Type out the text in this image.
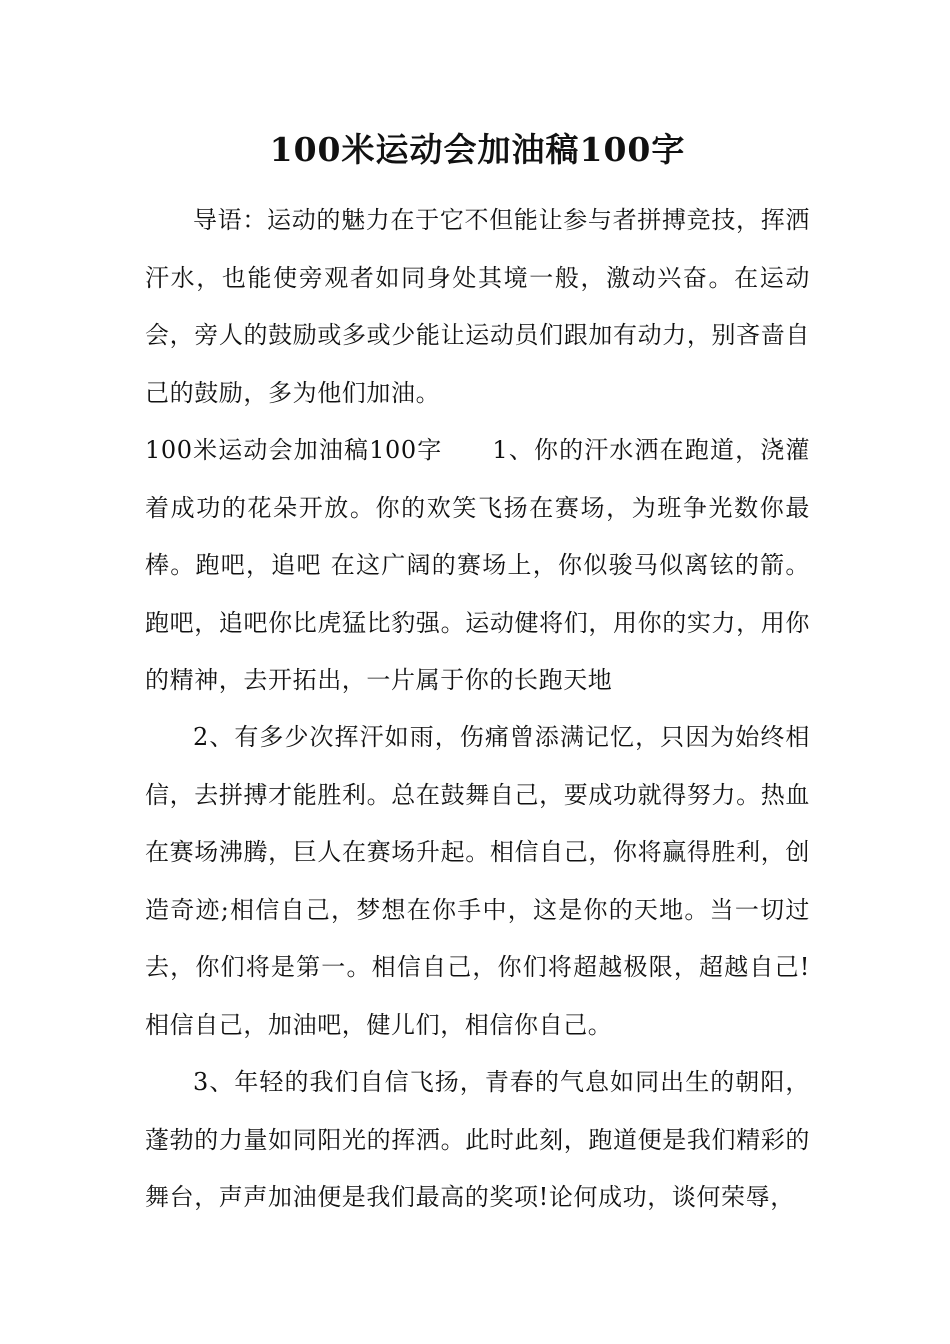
100米运动会加油稿100字

导语：运动的魅力在于它不但能让参与者拼搏竞技，挥洒汗水，也能使旁观者如同身处其境一般，激动兴奋。在运动会，旁人的鼓励或多或少能让运动员们跟加有动力，别吝啬自己的鼓励，多为他们加油。

100米运动会加油稿100字 1、你的汗水洒在跑道，浇灌着成功的花朵开放。你的欢笑飞扬在赛场，为班争光数你最棒。跑吧，追吧 在这广阔的赛场上，你似骏马似离铉的箭。跑吧，追吧你比虎猛比豹强。运动健将们，用你的实力，用你的精神，去开拓出，一片属于你的长跑天地

2、有多少次挥汗如雨，伤痛曾添满记忆，只因为始终相信，去拼搏才能胜利。总在鼓舞自己，要成功就得努力。热血在赛场沸腾，巨人在赛场升起。相信自己，你将赢得胜利，创造奇迹;相信自己，梦想在你手中，这是你的天地。当一切过去，你们将是第一。相信自己，你们将超越极限，超越自己!相信自己，加油吧，健儿们，相信你自己。

3、年轻的我们自信飞扬，青春的气息如同出生的朝阳，蓬勃的力量如同阳光的挥洒。此时此刻，跑道便是我们精彩的舞台，声声加油便是我们最高的奖项!论何成功，谈何荣辱，
